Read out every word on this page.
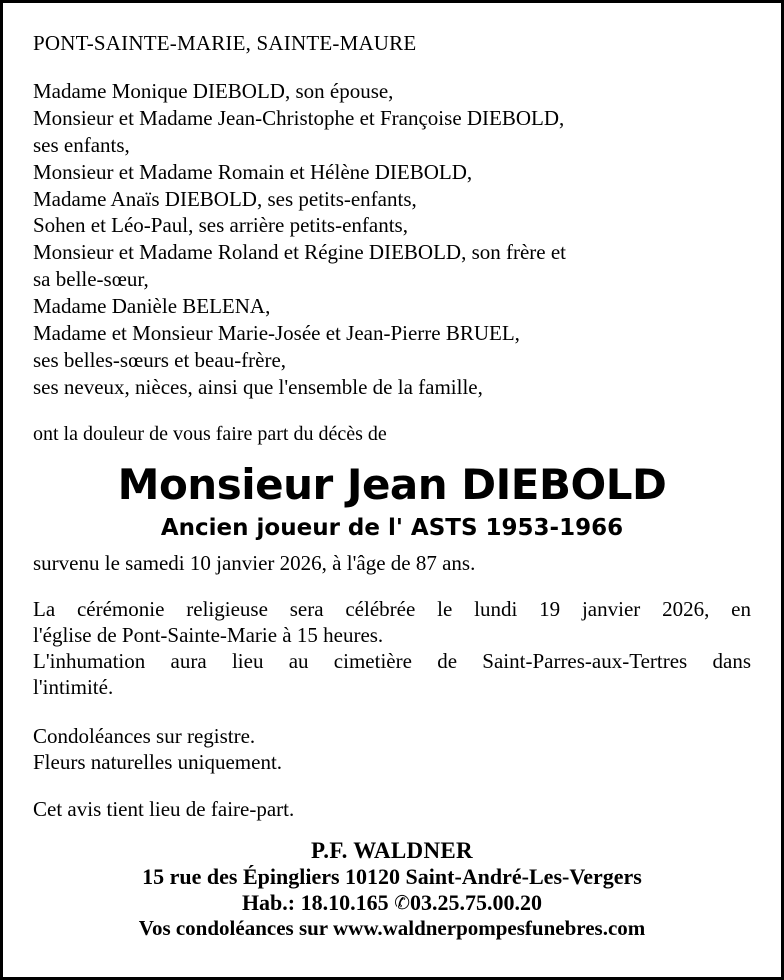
PONT-SAINTE-MARIE, SAINTE-MAURE
Madame Monique DIEBOLD, son épouse,
Monsieur et Madame Jean-Christophe et Françoise DIEBOLD,
ses enfants,
Monsieur et Madame Romain et Hélène DIEBOLD,
Madame Anaïs DIEBOLD, ses petits-enfants,
Sohen et Léo-Paul, ses arrière petits-enfants,
Monsieur et Madame Roland et Régine DIEBOLD, son frère et
sa belle-sœur,
Madame Danièle BELENA,
Madame et Monsieur Marie-Josée et Jean-Pierre BRUEL,
ses belles-sœurs et beau-frère,
ses neveux, nièces, ainsi que l'ensemble de la famille,
ont la douleur de vous faire part du décès de
Monsieur Jean DIEBOLD
Ancien joueur de l' ASTS 1953-1966
survenu le samedi 10 janvier 2026, à l'âge de 87 ans.
La cérémonie religieuse sera célébrée le lundi 19 janvier 2026, en
l'église de Pont-Sainte-Marie à 15 heures.
L'inhumation aura lieu au cimetière de Saint-Parres-aux-Tertres dans
l'intimité.
Condoléances sur registre.
Fleurs naturelles uniquement.
Cet avis tient lieu de faire-part.
P.F. WALDNER
15 rue des Épingliers 10120 Saint-André-Les-Vergers
Hab.: 18.10.165 ✆03.25.75.00.20
Vos condoléances sur www.waldnerpompesfunebres.com
